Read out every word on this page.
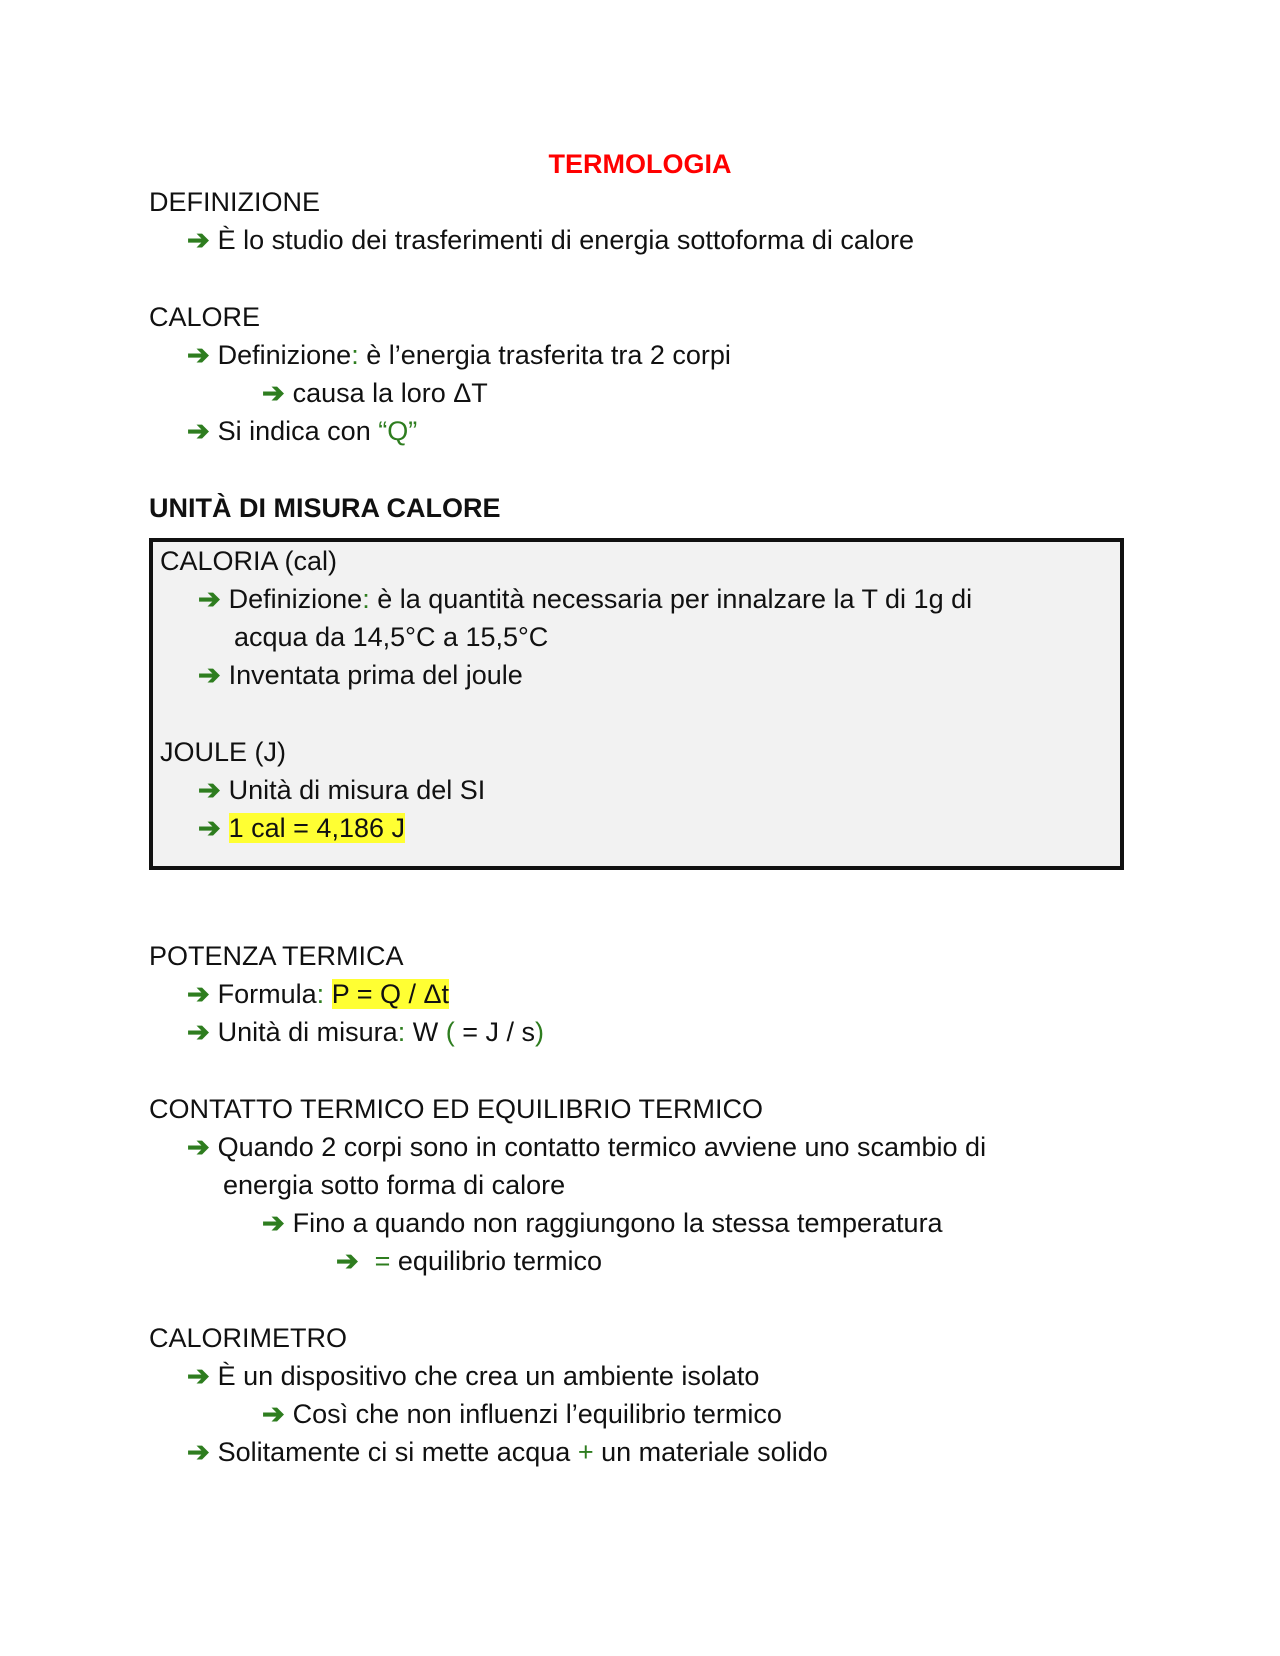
TERMOLOGIA
DEFINIZIONE
➔ È lo studio dei trasferimenti di energia sottoforma di calore
CALORE
➔ Definizione: è l’energia trasferita tra 2 corpi
➔ causa la loro ΔT
➔ Si indica con “Q”
UNITÀ DI MISURA CALORE
CALORIA (cal)
➔ Definizione: è la quantità necessaria per innalzare la T di 1g di
acqua da 14,5°C a 15,5°C
➔ Inventata prima del joule
JOULE (J)
➔ Unità di misura del SI
➔ 1 cal = 4,186 J
POTENZA TERMICA
➔ Formula: P = Q / Δt
➔ Unità di misura: W ( = J / s)
CONTATTO TERMICO ED EQUILIBRIO TERMICO
➔ Quando 2 corpi sono in contatto termico avviene uno scambio di
energia sotto forma di calore
➔ Fino a quando non raggiungono la stessa temperatura
➔ = equilibrio termico
CALORIMETRO
➔ È un dispositivo che crea un ambiente isolato
➔ Così che non influenzi l’equilibrio termico
➔ Solitamente ci si mette acqua + un materiale solido
